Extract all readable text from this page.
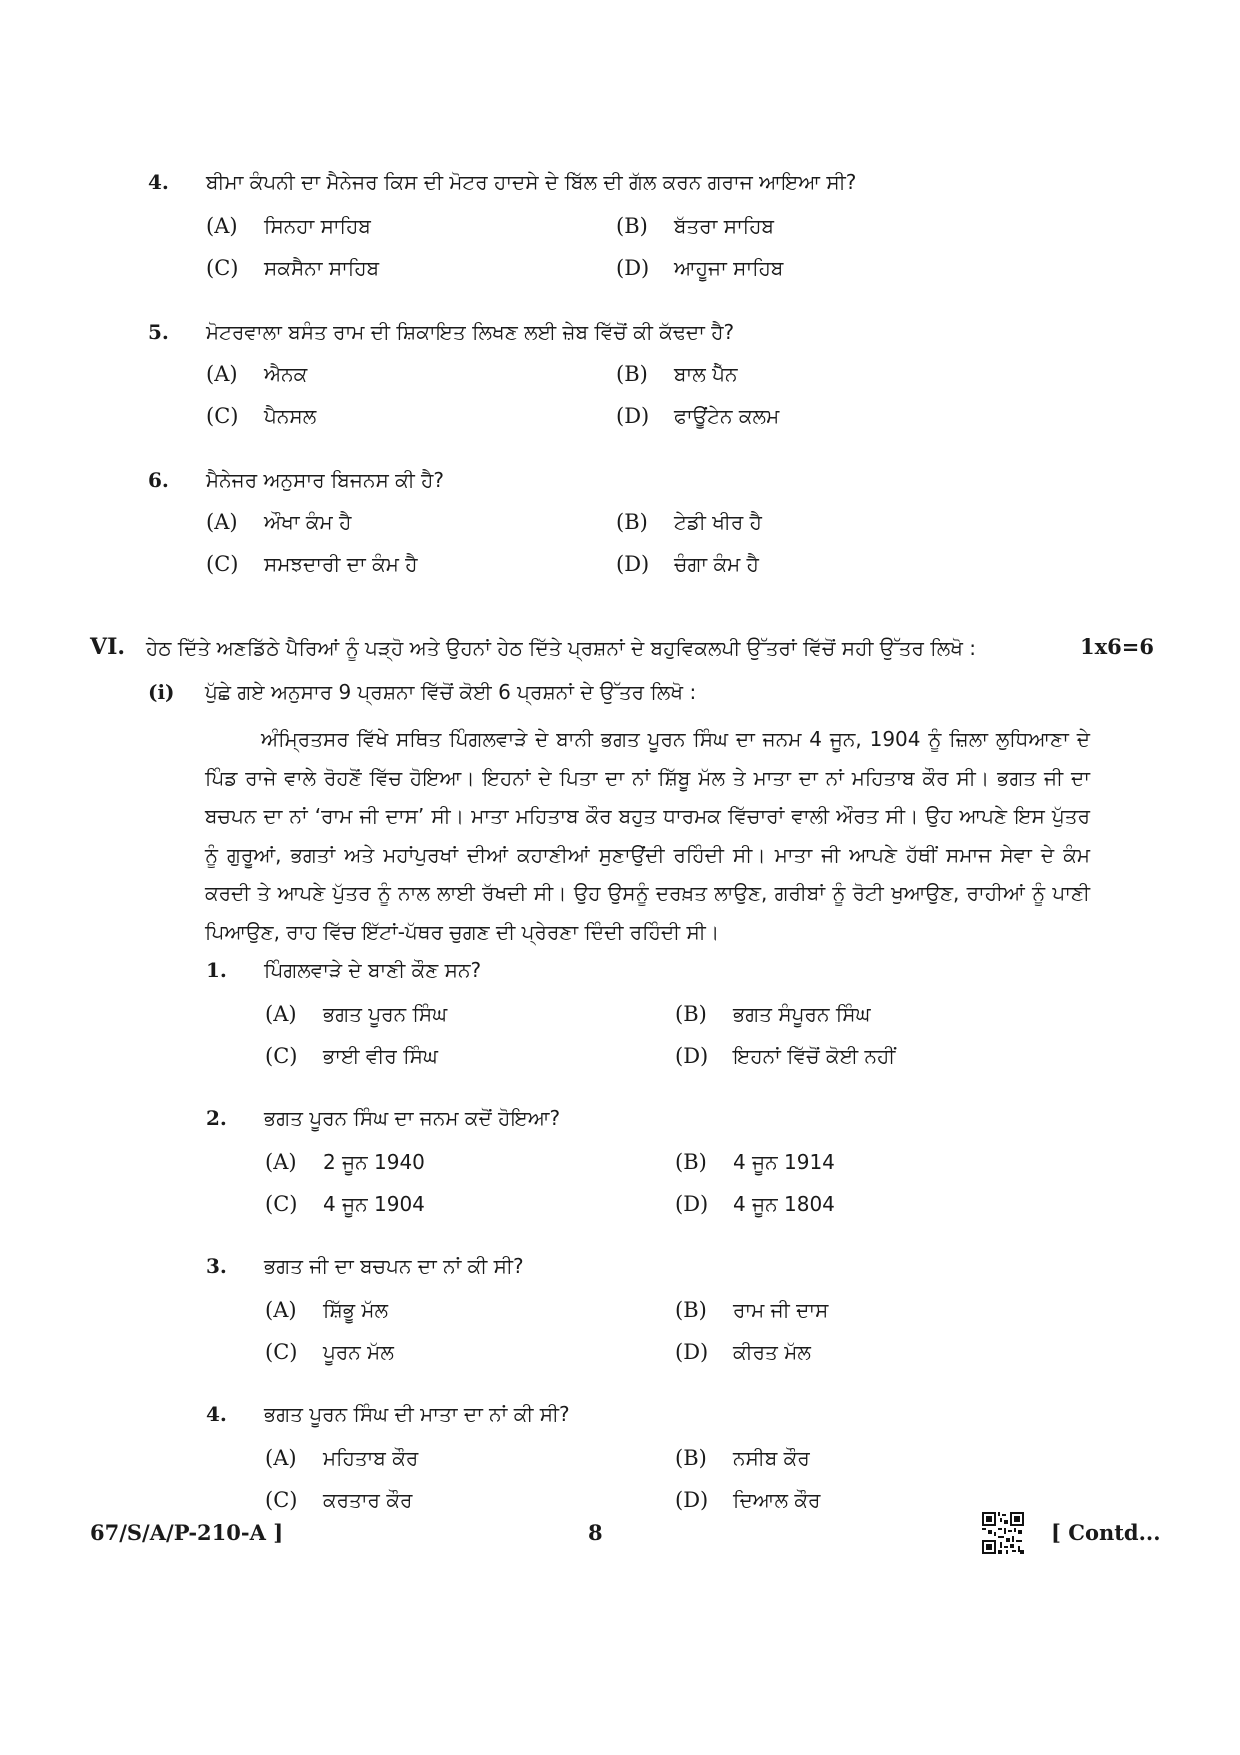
4. ਬੀਮਾ ਕੰਪਨੀ ਦਾ ਮੈਨੇਜਰ ਕਿਸ ਦੀ ਮੋਟਰ ਹਾਦਸੇ ਦੇ ਬਿੱਲ ਦੀ ਗੱਲ ਕਰਨ ਗਰਾਜ ਆਇਆ ਸੀ?
(A) ਸਿਨਹਾ ਸਾਹਿਬ	(B) ਬੱਤਰਾ ਸਾਹਿਬ
(C) ਸਕਸੈਨਾ ਸਾਹਿਬ	(D) ਆਹੂਜਾ ਸਾਹਿਬ
5. ਮੋਟਰਵਾਲਾ ਬਸੰਤ ਰਾਮ ਦੀ ਸ਼ਿਕਾਇਤ ਲਿਖਣ ਲਈ ਜ਼ੇਬ ਵਿੱਚੋਂ ਕੀ ਕੱਢਦਾ ਹੈ?
(A) ਐਨਕ	(B) ਬਾਲ ਪੈੱਨ
(C) ਪੈਨਸਲ	(D) ਫਾਊਂਟੇਨ ਕਲਮ
6. ਮੈਨੇਜਰ ਅਨੁਸਾਰ ਬਿਜਨਸ ਕੀ ਹੈ?
(A) ਔਖਾ ਕੰਮ ਹੈ	(B) ਟੇਡੀ ਖੀਰ ਹੈ
(C) ਸਮਝਦਾਰੀ ਦਾ ਕੰਮ ਹੈ	(D) ਚੰਗਾ ਕੰਮ ਹੈ
VI. ਹੇਠ ਦਿੱਤੇ ਅਣਡਿੱਠੇ ਪੈਰਿਆਂ ਨੂੰ ਪੜ੍ਹੋ ਅਤੇ ਉਹਨਾਂ ਹੇਠ ਦਿੱਤੇ ਪ੍ਰਸ਼ਨਾਂ ਦੇ ਬਹੁਵਿਕਲਪੀ ਉੱਤਰਾਂ ਵਿੱਚੋਂ ਸਹੀ ਉੱਤਰ ਲਿਖੋ :	1x6=6
(i) ਪੁੱਛੇ ਗਏ ਅਨੁਸਾਰ 9 ਪ੍ਰਸ਼ਨਾ ਵਿੱਚੋਂ ਕੋਈ 6 ਪ੍ਰਸ਼ਨਾਂ ਦੇ ਉੱਤਰ ਲਿਖੋ :
ਅੰਮ੍ਰਿਤਸਰ ਵਿੱਖੇ ਸਥਿਤ ਪਿੰਗਲਵਾੜੇ ਦੇ ਬਾਨੀ ਭਗਤ ਪੂਰਨ ਸਿੰਘ ਦਾ ਜਨਮ 4 ਜੂਨ, 1904 ਨੂੰ ਜ਼ਿਲਾ ਲੁਧਿਆਣਾ ਦੇ ਪਿੰਡ ਰਾਜੇ ਵਾਲੇ ਰੋਹਣੋਂ ਵਿੱਚ ਹੋਇਆ। ਇਹਨਾਂ ਦੇ ਪਿਤਾ ਦਾ ਨਾਂ ਸ਼ਿੱਬੂ ਮੱਲ ਤੇ ਮਾਤਾ ਦਾ ਨਾਂ ਮਹਿਤਾਬ ਕੌਰ ਸੀ। ਭਗਤ ਜੀ ਦਾ ਬਚਪਨ ਦਾ ਨਾਂ ‘ਰਾਮ ਜੀ ਦਾਸ’ ਸੀ। ਮਾਤਾ ਮਹਿਤਾਬ ਕੌਰ ਬਹੁਤ ਧਾਰਮਕ ਵਿੱਚਾਰਾਂ ਵਾਲੀ ਔਰਤ ਸੀ। ਉਹ ਆਪਣੇ ਇਸ ਪੁੱਤਰ ਨੂੰ ਗੁਰੂਆਂ, ਭਗਤਾਂ ਅਤੇ ਮਹਾਂਪੁਰਖਾਂ ਦੀਆਂ ਕਹਾਣੀਆਂ ਸੁਣਾਉਂਦੀ ਰਹਿੰਦੀ ਸੀ। ਮਾਤਾ ਜੀ ਆਪਣੇ ਹੱਥੀਂ ਸਮਾਜ ਸੇਵਾ ਦੇ ਕੰਮ ਕਰਦੀ ਤੇ ਆਪਣੇ ਪੁੱਤਰ ਨੂੰ ਨਾਲ ਲਾਈ ਰੱਖਦੀ ਸੀ। ਉਹ ਉਸਨੂੰ ਦਰਖ਼ਤ ਲਾਉਣ, ਗਰੀਬਾਂ ਨੂੰ ਰੋਟੀ ਖੁਆਉਣ, ਰਾਹੀਆਂ ਨੂੰ ਪਾਣੀ ਪਿਆਉਣ, ਰਾਹ ਵਿੱਚ ਇੱਟਾਂ-ਪੱਥਰ ਚੁਗਣ ਦੀ ਪ੍ਰੇਰਣਾ ਦਿੰਦੀ ਰਹਿੰਦੀ ਸੀ।
1. ਪਿੰਗਲਵਾੜੇ ਦੇ ਬਾਣੀ ਕੌਣ ਸਨ?
(A) ਭਗਤ ਪੂਰਨ ਸਿੰਘ	(B) ਭਗਤ ਸੰਪੂਰਨ ਸਿੰਘ
(C) ਭਾਈ ਵੀਰ ਸਿੰਘ	(D) ਇਹਨਾਂ ਵਿੱਚੋਂ ਕੋਈ ਨਹੀਂ
2. ਭਗਤ ਪੂਰਨ ਸਿੰਘ ਦਾ ਜਨਮ ਕਦੋਂ ਹੋਇਆ?
(A) 2 ਜੂਨ 1940	(B) 4 ਜੂਨ 1914
(C) 4 ਜੂਨ 1904	(D) 4 ਜੂਨ 1804
3. ਭਗਤ ਜੀ ਦਾ ਬਚਪਨ ਦਾ ਨਾਂ ਕੀ ਸੀ?
(A) ਸ਼ਿੱਭੂ ਮੱਲ	(B) ਰਾਮ ਜੀ ਦਾਸ
(C) ਪੂਰਨ ਮੱਲ	(D) ਕੀਰਤ ਮੱਲ
4. ਭਗਤ ਪੂਰਨ ਸਿੰਘ ਦੀ ਮਾਤਾ ਦਾ ਨਾਂ ਕੀ ਸੀ?
(A) ਮਹਿਤਾਬ ਕੌਰ	(B) ਨਸੀਬ ਕੌਰ
(C) ਕਰਤਾਰ ਕੌਰ	(D) ਦਿਆਲ ਕੌਰ
67/S/A/P-210-A ]	8	[ Contd...
